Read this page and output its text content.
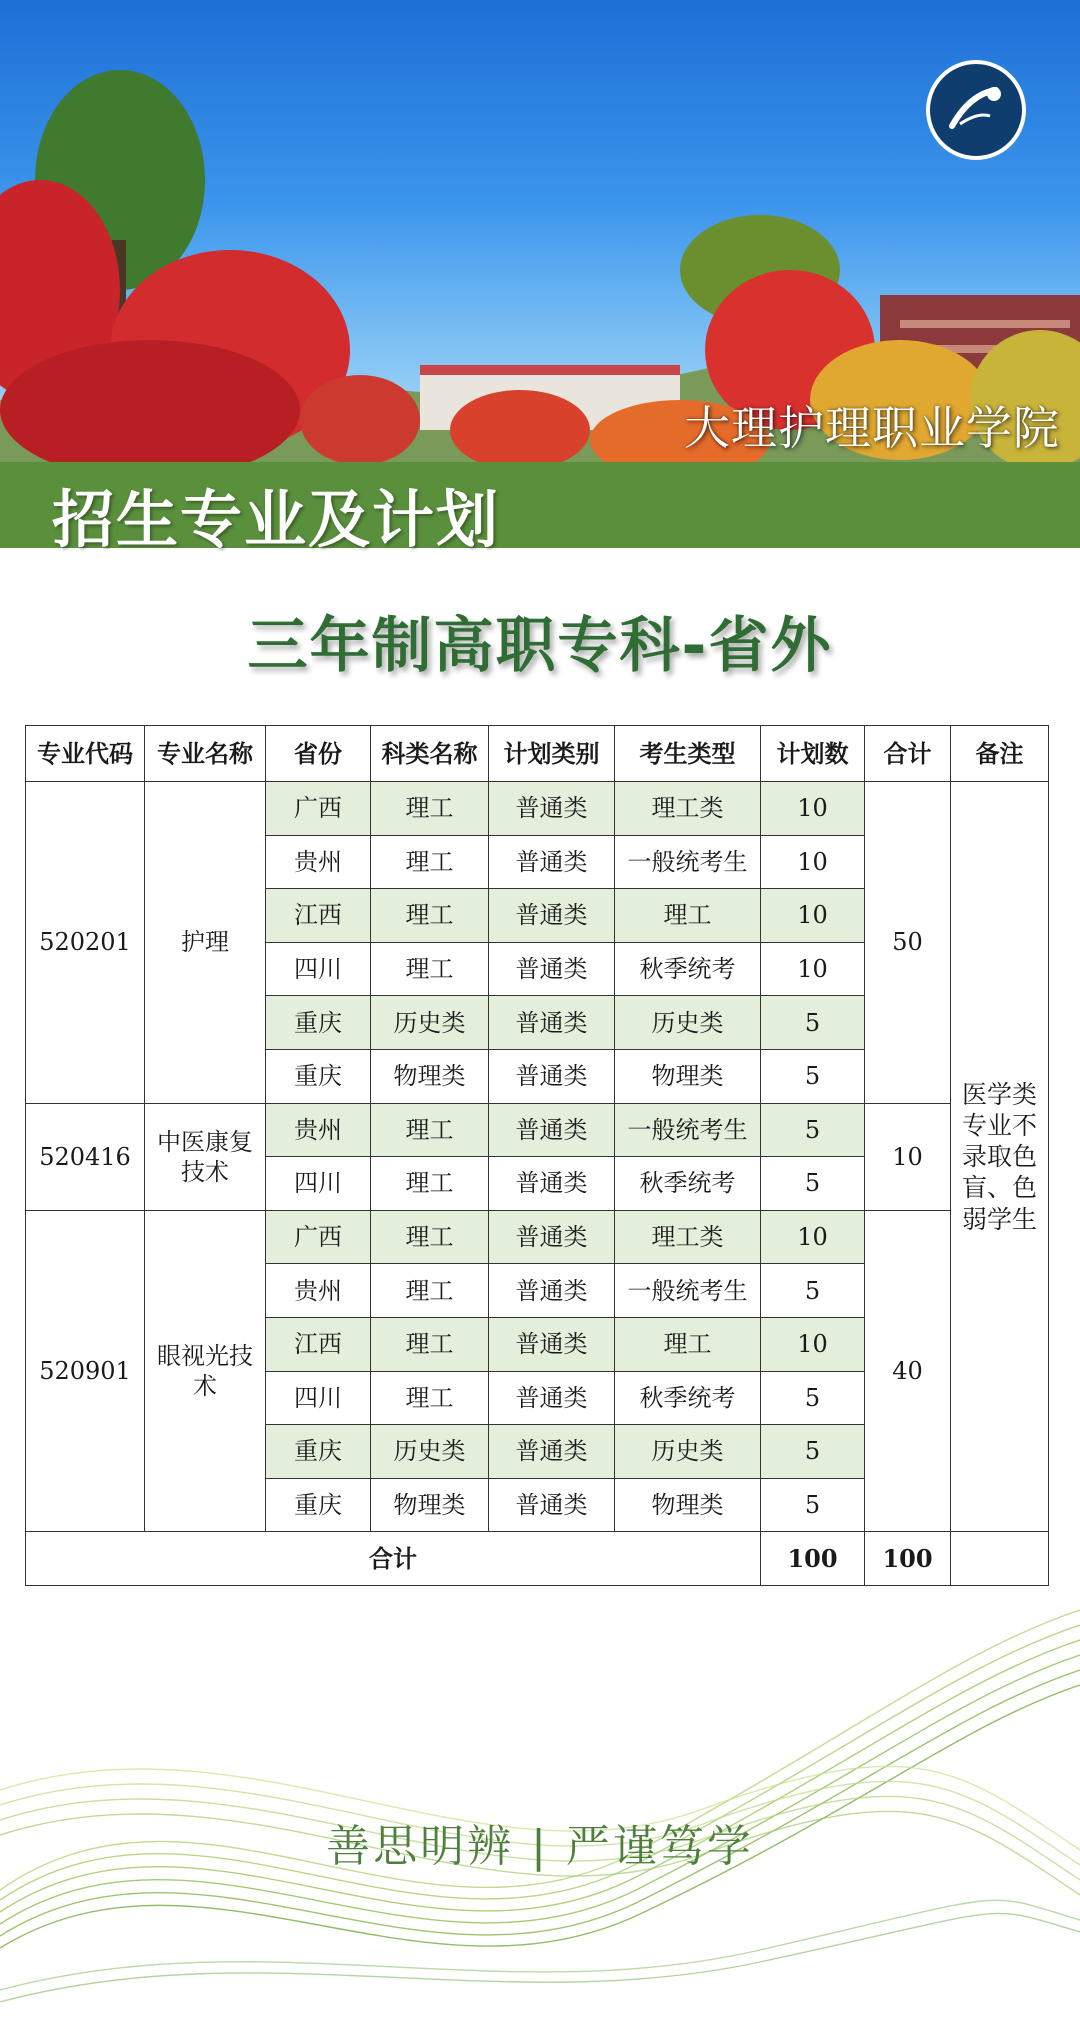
大理护理职业学院
招生专业及计划
三年制高职专科-省外
专业代码	专业名称	省份	科类名称	计划类别	考生类型	计划数	合计	备注
520201	护理	广西	理工	普通类	理工类	10	50	医学类专业不录取色盲、色弱学生
		贵州	理工	普通类	一般统考生	10		
		江西	理工	普通类	理工	10		
		四川	理工	普通类	秋季统考	10		
		重庆	历史类	普通类	历史类	5		
		重庆	物理类	普通类	物理类	5		
520416	中医康复技术	贵州	理工	普通类	一般统考生	5	10	
		四川	理工	普通类	秋季统考	5		
520901	眼视光技术	广西	理工	普通类	理工类	10	40	
		贵州	理工	普通类	一般统考生	5		
		江西	理工	普通类	理工	10		
		四川	理工	普通类	秋季统考	5		
		重庆	历史类	普通类	历史类	5		
		重庆	物理类	普通类	物理类	5		
合计						100	100	
善思明辨 | 严谨笃学
